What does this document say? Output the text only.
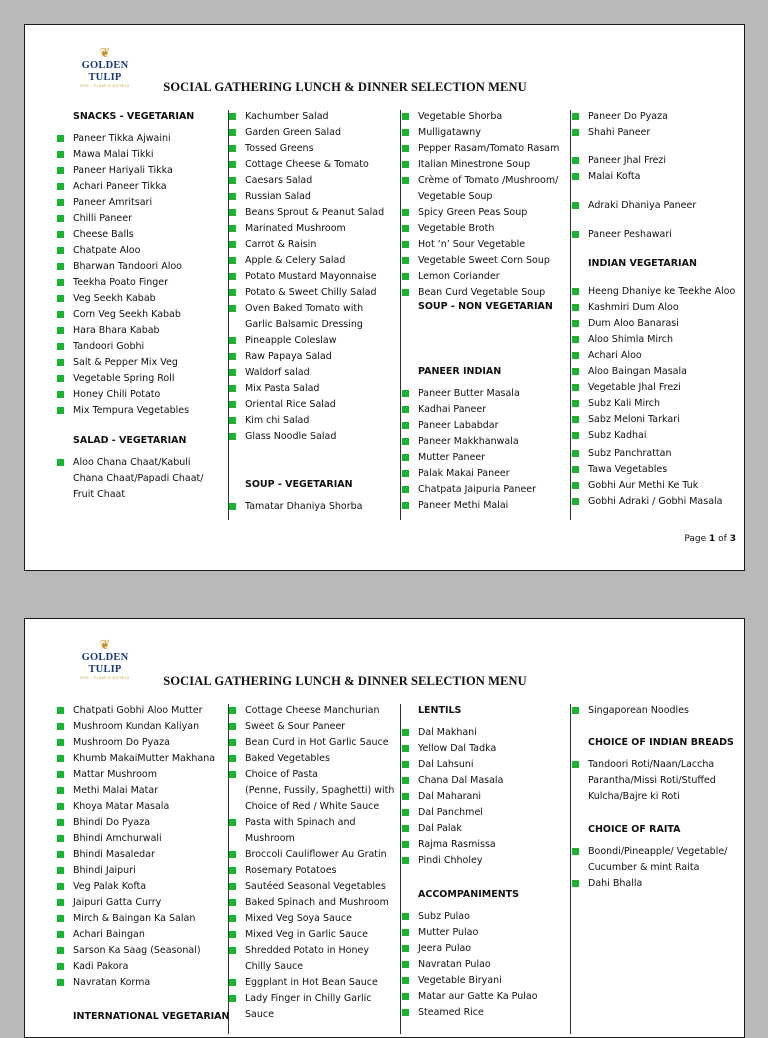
❦
GOLDEN TULIP
RED · FLAIR & HOTELS	SOCIAL GATHERING LUNCH & DINNER SELECTION MENU
SNACKS - VEGETARIAN
Paneer Tikka Ajwaini
Mawa Malai Tikki
Paneer Hariyali Tikka
Achari Paneer Tikka
Paneer Amritsari
Chilli Paneer
Cheese Balls
Chatpate Aloo
Bharwan Tandoori Aloo
Teekha Poato Finger
Veg Seekh Kabab
Corn Veg Seekh Kabab
Hara Bhara Kabab
Tandoori Gobhi
Salt & Pepper Mix Veg
Vegetable Spring Roll
Honey Chili Potato
Mix Tempura Vegetables
SALAD - VEGETARIAN
Aloo Chana Chaat/Kabuli
Chana Chaat/Papadi Chaat/
Fruit Chaat
Kachumber Salad
Garden Green Salad
Tossed Greens
Cottage Cheese & Tomato
Caesars Salad
Russian Salad
Beans Sprout & Peanut Salad
Marinated Mushroom
Carrot & Raisin
Apple & Celery Salad
Potato Mustard Mayonnaise
Potato & Sweet Chilly Salad
Oven Baked Tomato with
Garlic Balsamic Dressing
Pineapple Coleslaw
Raw Papaya Salad
Waldorf salad
Mix Pasta Salad
Oriental Rice Salad
Kim chi Salad
Glass Noodle Salad
SOUP - VEGETARIAN
Tamatar Dhaniya Shorba
Vegetable Shorba
Mulligatawny
Pepper Rasam/Tomato Rasam
Italian Minestrone Soup
Crème of Tomato /Mushroom/
Vegetable Soup
Spicy Green Peas Soup
Vegetable Broth
Hot ‘n’ Sour Vegetable
Vegetable Sweet Corn Soup
Lemon Coriander
Bean Curd Vegetable Soup
SOUP - NON VEGETARIAN
PANEER INDIAN
Paneer Butter Masala
Kadhai Paneer
Paneer Lababdar
Paneer Makkhanwala
Mutter Paneer
Palak Makai Paneer
Chatpata Jaipuria Paneer
Paneer Methi Malai
Paneer Do Pyaza
Shahi Paneer
Paneer Jhal Frezi
Malai Kofta
Adraki Dhaniya Paneer
Paneer Peshawari
INDIAN VEGETARIAN
Heeng Dhaniye ke Teekhe Aloo
Kashmiri Dum Aloo
Dum Aloo Banarasi
Aloo Shimla Mirch
Achari Aloo
Aloo Baingan Masala
Vegetable Jhal Frezi
Subz Kali Mirch
Sabz Meloni Tarkari
Subz Kadhai
Subz Panchrattan
Tawa Vegetables
Gobhi Aur Methi Ke Tuk
Gobhi Adraki / Gobhi Masala
Page 1 of 3
❦
GOLDEN TULIP
RED · FLAIR & HOTELS	SOCIAL GATHERING LUNCH & DINNER SELECTION MENU
Chatpati Gobhi Aloo Mutter
Mushroom Kundan Kaliyan
Mushroom Do Pyaza
Khumb MakaiMutter Makhana
Mattar Mushroom
Methi Malai Matar
Khoya Matar Masala
Bhindi Do Pyaza
Bhindi Amchurwali
Bhindi Masaledar
Bhindi Jaipuri
Veg Palak Kofta
Jaipuri Gatta Curry
Mirch & Baingan Ka Salan
Achari Baingan
Sarson Ka Saag (Seasonal)
Kadi Pakora
Navratan Korma
INTERNATIONAL VEGETARIAN
Cottage Cheese Manchurian
Sweet & Sour Paneer
Bean Curd in Hot Garlic Sauce
Baked Vegetables
Choice of Pasta
(Penne, Fussily, Spaghetti) with
Choice of Red / White Sauce
Pasta with Spinach and
Mushroom
Broccoli Cauliflower Au Gratin
Rosemary Potatoes
Sautéed Seasonal Vegetables
Baked Spinach and Mushroom
Mixed Veg Soya Sauce
Mixed Veg in Garlic Sauce
Shredded Potato in Honey
Chilly Sauce
Eggplant in Hot Bean Sauce
Lady Finger in Chilly Garlic
Sauce
LENTILS
Dal Makhani
Yellow Dal Tadka
Dal Lahsuni
Chana Dal Masala
Dal Maharani
Dal Panchmel
Dal Palak
Rajma Rasmissa
Pindi Chholey
ACCOMPANIMENTS
Subz Pulao
Mutter Pulao
Jeera Pulao
Navratan Pulao
Vegetable Biryani
Matar aur Gatte Ka Pulao
Steamed Rice
Singaporean Noodles
CHOICE OF INDIAN BREADS
Tandoori Roti/Naan/Laccha
Parantha/Missi Roti/Stuffed
Kulcha/Bajre ki Roti
CHOICE OF RAITA
Boondi/Pineapple/ Vegetable/
Cucumber & mint Raita
Dahi Bhalla
